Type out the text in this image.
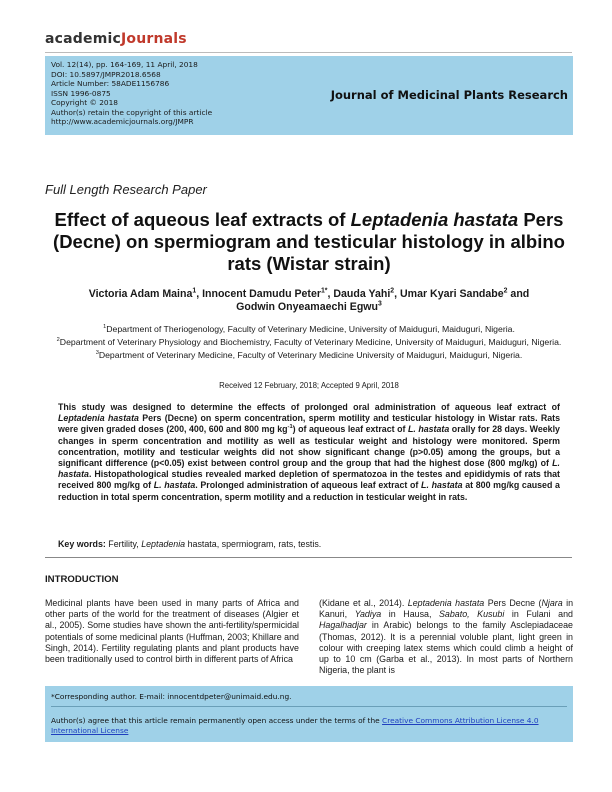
academicJournals
Vol. 12(14), pp. 164-169, 11 April, 2018
DOI: 10.5897/JMPR2018.6568
Article Number: 58ADE1156786
ISSN 1996-0875
Copyright © 2018
Author(s) retain the copyright of this article
http://www.academicjournals.org/JMPR
Journal of Medicinal Plants Research
Full Length Research Paper
Effect of aqueous leaf extracts of Leptadenia hastata Pers (Decne) on spermiogram and testicular histology in albino rats (Wistar strain)
Victoria Adam Maina$^1$, Innocent Damudu Peter$^{1*}$, Dauda Yahi$^2$, Umar Kyari Sandabe$^2$ and
Godwin Onyeamaechi Egwu$^3$

$^1$Department of Theriogenology, Faculty of Veterinary Medicine, University of Maiduguri, Maiduguri, Nigeria.

$^2$Department of Veterinary Physiology and Biochemistry, Faculty of Veterinary Medicine, University of Maiduguri, Maiduguri, Nigeria.

$^3$Department of Veterinary Medicine, Faculty of Veterinary Medicine University of Maiduguri, Maiduguri, Nigeria.

Received 12 February, 2018; Accepted 9 April, 2018

This study was designed to determine the effects of prolonged oral administration of aqueous leaf extract of Leptadenia hastata Pers (Decne) on sperm concentration, sperm motility and testicular histology in Wistar rats. Rats were given graded doses (200, 400, 600 and 800 mg $kg^{-1}$) of aqueous leaf extract of L. hastata orally for 28 days. Weekly changes in sperm concentration and motility as well as testicular weight and histology were monitored. Sperm concentration, motility and testicular weights did not show significant change (p>0.05) among the groups, but a significant difference (p<0.05) exist between control group and the group that had the highest dose (800 mg/kg) of L. hastata. Histopathological studies revealed marked depletion of spermatozoa in the testes and epididymis of rats that received 800 mg/kg of L. hastata. Prolonged administration of aqueous leaf extract of L. hastata at 800 mg/kg caused a reduction in total sperm concentration, sperm motility and a reduction in testicular weight in rats.

Key words: Fertility, Leptadenia hastata, spermiogram, rats, testis.
INTRODUCTION

Medicinal plants have been used in many parts of Africa and other parts of the world for the treatment of diseases (Algier et al., 2005). Some studies have shown the anti-fertility/spermicidal potentials of some medicinal plants (Huffman, 2003; Khillare and Singh, 2014). Fertility regulating plants and plant products have been traditionally used to control birth in different parts of Africa

(Kidane et al., 2014). Leptadenia hastata Pers Decne (Njara in Kanuri, Yadiya in Hausa, Sabato, Kusubi in Fulani and Hagalhadjar in Arabic) belongs to the family Asclepiadaceae (Thomas, 2012). It is a perennial voluble plant, light green in colour with creeping latex stems which could climb a height of up to 10 cm (Garba et al., 2013). In most parts of Northern Nigeria, the plant is

*Corresponding author. E-mail: innocentdpeter@unimaid.edu.ng.
Author(s) agree that this article remain permanently open access under the terms of the Creative Commons Attribution License 4.0 International License
